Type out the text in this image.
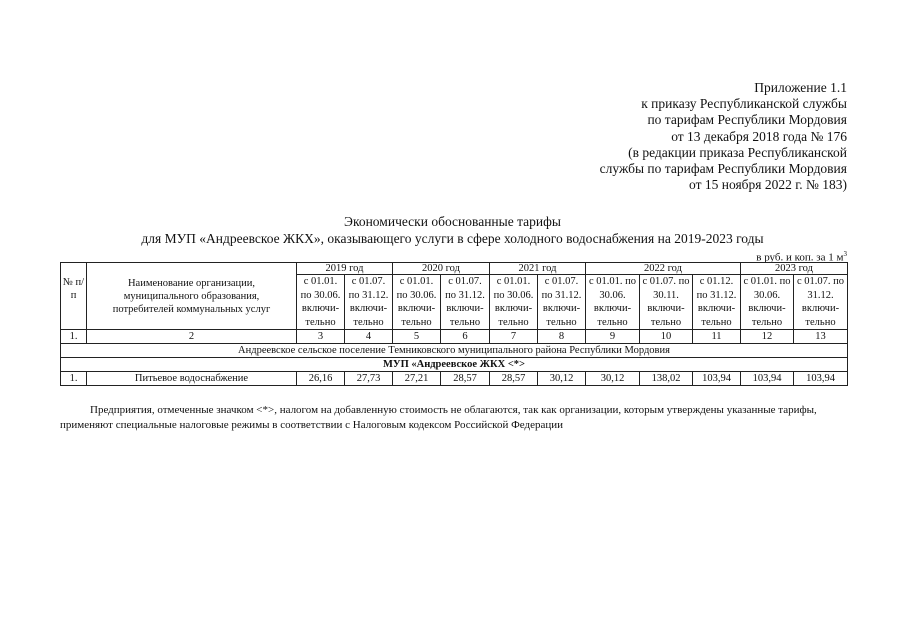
Приложение 1.1
к приказу Республиканской службы
по тарифам Республики Мордовия
от 13 декабря 2018 года № 176
(в редакции приказа Республиканской
службы по тарифам Республики Мордовия
от 15 ноября 2022 г. № 183)
Экономически обоснованные тарифы
для МУП «Андреевское ЖКХ», оказывающего услуги в сфере холодного водоснабжения на 2019-2023 годы
в руб. и коп. за 1 $м^3$
№ п/п	Наименование организации, муниципального образования, потребителей коммунальных услуг	2019 год		2020 год		2021 год		2022 год			2023 год	
		с 01.01. по 30.06. включи-тельно	с 01.07. по 31.12. включи-тельно	с 01.01. по 30.06. включи-тельно	с 01.07. по 31.12. включи-тельно	с 01.01. по 30.06. включи-тельно	с 01.07. по 31.12. включи-тельно	с 01.01. по 30.06. включи-тельно	с 01.07. по 30.11. включи-тельно	с 01.12. по 31.12. включи-тельно	с 01.01. по 30.06. включи-тельно	с 01.07. по 31.12. включи-тельно
1.	2	3	4	5	6	7	8	9	10	11	12	13
Андреевское сельское поселение Темниковского муниципального района Республики Мордовия												
МУП «Андреевское ЖКХ <*>												
1.	Питьевое водоснабжение	26,16	27,73	27,21	28,57	28,57	30,12	30,12	138,02	103,94	103,94	103,94
Предприятия, отмеченные значком <*>, налогом на добавленную стоимость не облагаются, так как организации, которым утверждены указанные тарифы, применяют специальные налоговые режимы в соответствии с Налоговым кодексом Российской Федерации
